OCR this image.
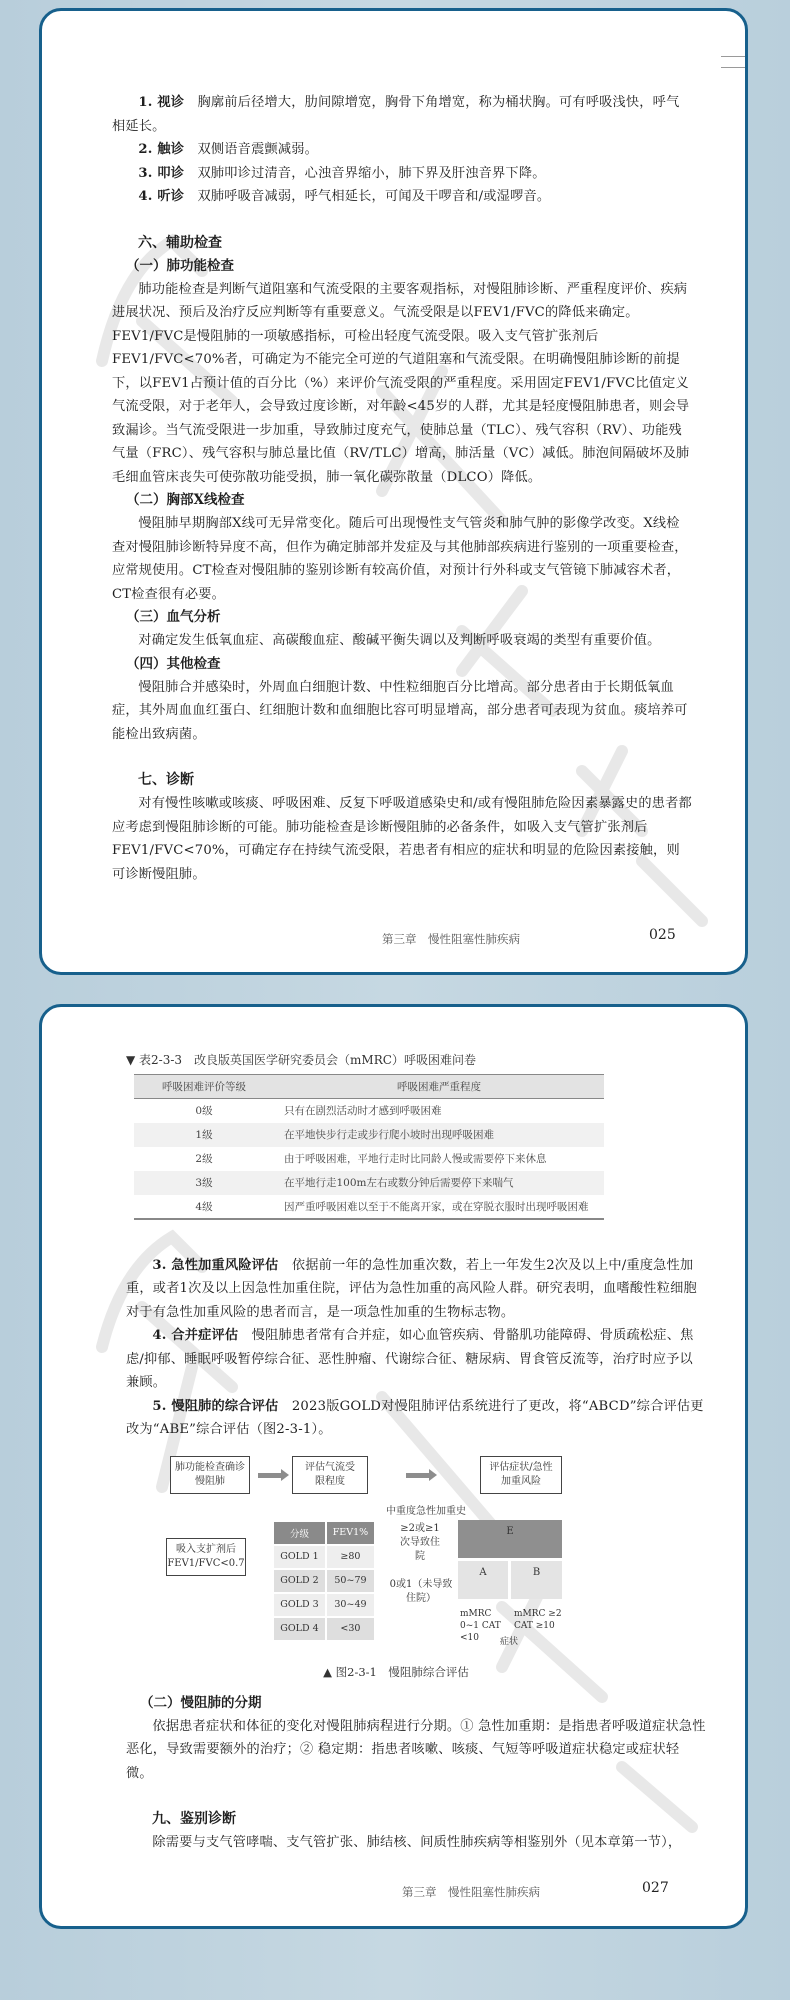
1. 视诊　 胸廓前后径增大，肋间隙增宽，胸骨下角增宽，称为桶状胸。可有呼吸浅快，呼气相延长。

2. 触诊　 双侧语音震颤减弱。

3. 叩诊　 双肺叩诊过清音，心浊音界缩小，肺下界及肝浊音界下降。

4. 听诊　 双肺呼吸音减弱，呼气相延长，可闻及干啰音和/或湿啰音。

六、辅助检查
（一）肺功能检查

肺功能检查是判断气道阻塞和气流受限的主要客观指标，对慢阻肺诊断、严重程度评价、疾病进展状况、预后及治疗反应判断等有重要意义。气流受限是以FEV1/FVC的降低来确定。FEV1/FVC是慢阻肺的一项敏感指标，可检出轻度气流受限。吸入支气管扩张剂后FEV1/FVC<70%者，可确定为不能完全可逆的气道阻塞和气流受限。在明确慢阻肺诊断的前提下，以FEV1占预计值的百分比（%）来评价气流受限的严重程度。采用固定FEV1/FVC比值定义气流受限，对于老年人，会导致过度诊断，对年龄<45岁的人群，尤其是轻度慢阻肺患者，则会导致漏诊。当气流受限进一步加重，导致肺过度充气，使肺总量（TLC）、残气容积（RV）、功能残气量（FRC）、残气容积与肺总量比值（RV/TLC）增高，肺活量（VC）减低。肺泡间隔破坏及肺毛细血管床丧失可使弥散功能受损，肺一氧化碳弥散量（DLCO）降低。

（二）胸部X线检查

慢阻肺早期胸部X线可无异常变化。随后可出现慢性支气管炎和肺气肿的影像学改变。X线检查对慢阻肺诊断特异度不高，但作为确定肺部并发症及与其他肺部疾病进行鉴别的一项重要检查，应常规使用。CT检查对慢阻肺的鉴别诊断有较高价值，对预计行外科或支气管镜下肺减容术者，CT检查很有必要。

（三）血气分析

对确定发生低氧血症、高碳酸血症、酸碱平衡失调以及判断呼吸衰竭的类型有重要价值。

（四）其他检查

慢阻肺合并感染时，外周血白细胞计数、中性粒细胞百分比增高。部分患者由于长期低氧血症，其外周血血红蛋白、红细胞计数和血细胞比容可明显增高，部分患者可表现为贫血。痰培养可能检出致病菌。

七、诊断

对有慢性咳嗽或咳痰、呼吸困难、反复下呼吸道感染史和/或有慢阻肺危险因素暴露史的患者都应考虑到慢阻肺诊断的可能。肺功能检查是诊断慢阻肺的必备条件，如吸入支气管扩张剂后FEV1/FVC<70%，可确定存在持续气流受限，若患者有相应的症状和明显的危险因素接触，则可诊断慢阻肺。

第三章　慢性阻塞性肺疾病	025
▼ 表2-3-3　改良版英国医学研究委员会（mMRC）呼吸困难问卷
呼吸困难评价等级	呼吸困难严重程度
0级	只有在剧烈活动时才感到呼吸困难
1级	在平地快步行走或步行爬小坡时出现呼吸困难
2级	由于呼吸困难，平地行走时比同龄人慢或需要停下来休息
3级	在平地行走100m左右或数分钟后需要停下来喘气
4级	因严重呼吸困难以至于不能离开家，或在穿脱衣服时出现呼吸困难

3. 急性加重风险评估　 依据前一年的急性加重次数，若上一年发生2次及以上中/重度急性加重，或者1次及以上因急性加重住院，评估为急性加重的高风险人群。研究表明，血嗜酸性粒细胞对于有急性加重风险的患者而言，是一项急性加重的生物标志物。

4. 合并症评估　 慢阻肺患者常有合并症，如心血管疾病、骨骼肌功能障碍、骨质疏松症、焦虑/抑郁、睡眠呼吸暂停综合征、恶性肿瘤、代谢综合征、糖尿病、胃食管反流等，治疗时应予以兼顾。

5. 慢阻肺的综合评估　 2023版GOLD对慢阻肺评估系统进行了更改，将“ABCD”综合评估更改为“ABE”综合评估（图2-3-1）。

肺功能检查确诊慢阻肺
评估气流受限程度
评估症状/急性加重风险
中重度急性加重史
吸入支扩剂后
FEV1/FVC<0.7
分级	FEV1%
GOLD 1	≥80
GOLD 2	50~79
GOLD 3	30~49
GOLD 4	<30
≥2或≥1次导致住院
0或1（未导致住院）
E
A	B
mMRC 0~1 CAT <10
mMRC ≥2 CAT ≥10
症状
▲ 图2-3-1　慢阻肺综合评估
（二）慢阻肺的分期

依据患者症状和体征的变化对慢阻肺病程进行分期。① 急性加重期：是指患者呼吸道症状急性恶化，导致需要额外的治疗；② 稳定期：指患者咳嗽、咳痰、气短等呼吸道症状稳定或症状轻微。

九、鉴别诊断

除需要与支气管哮喘、支气管扩张、肺结核、间质性肺疾病等相鉴别外（见本章第一节），

第三章　慢性阻塞性肺疾病	027
